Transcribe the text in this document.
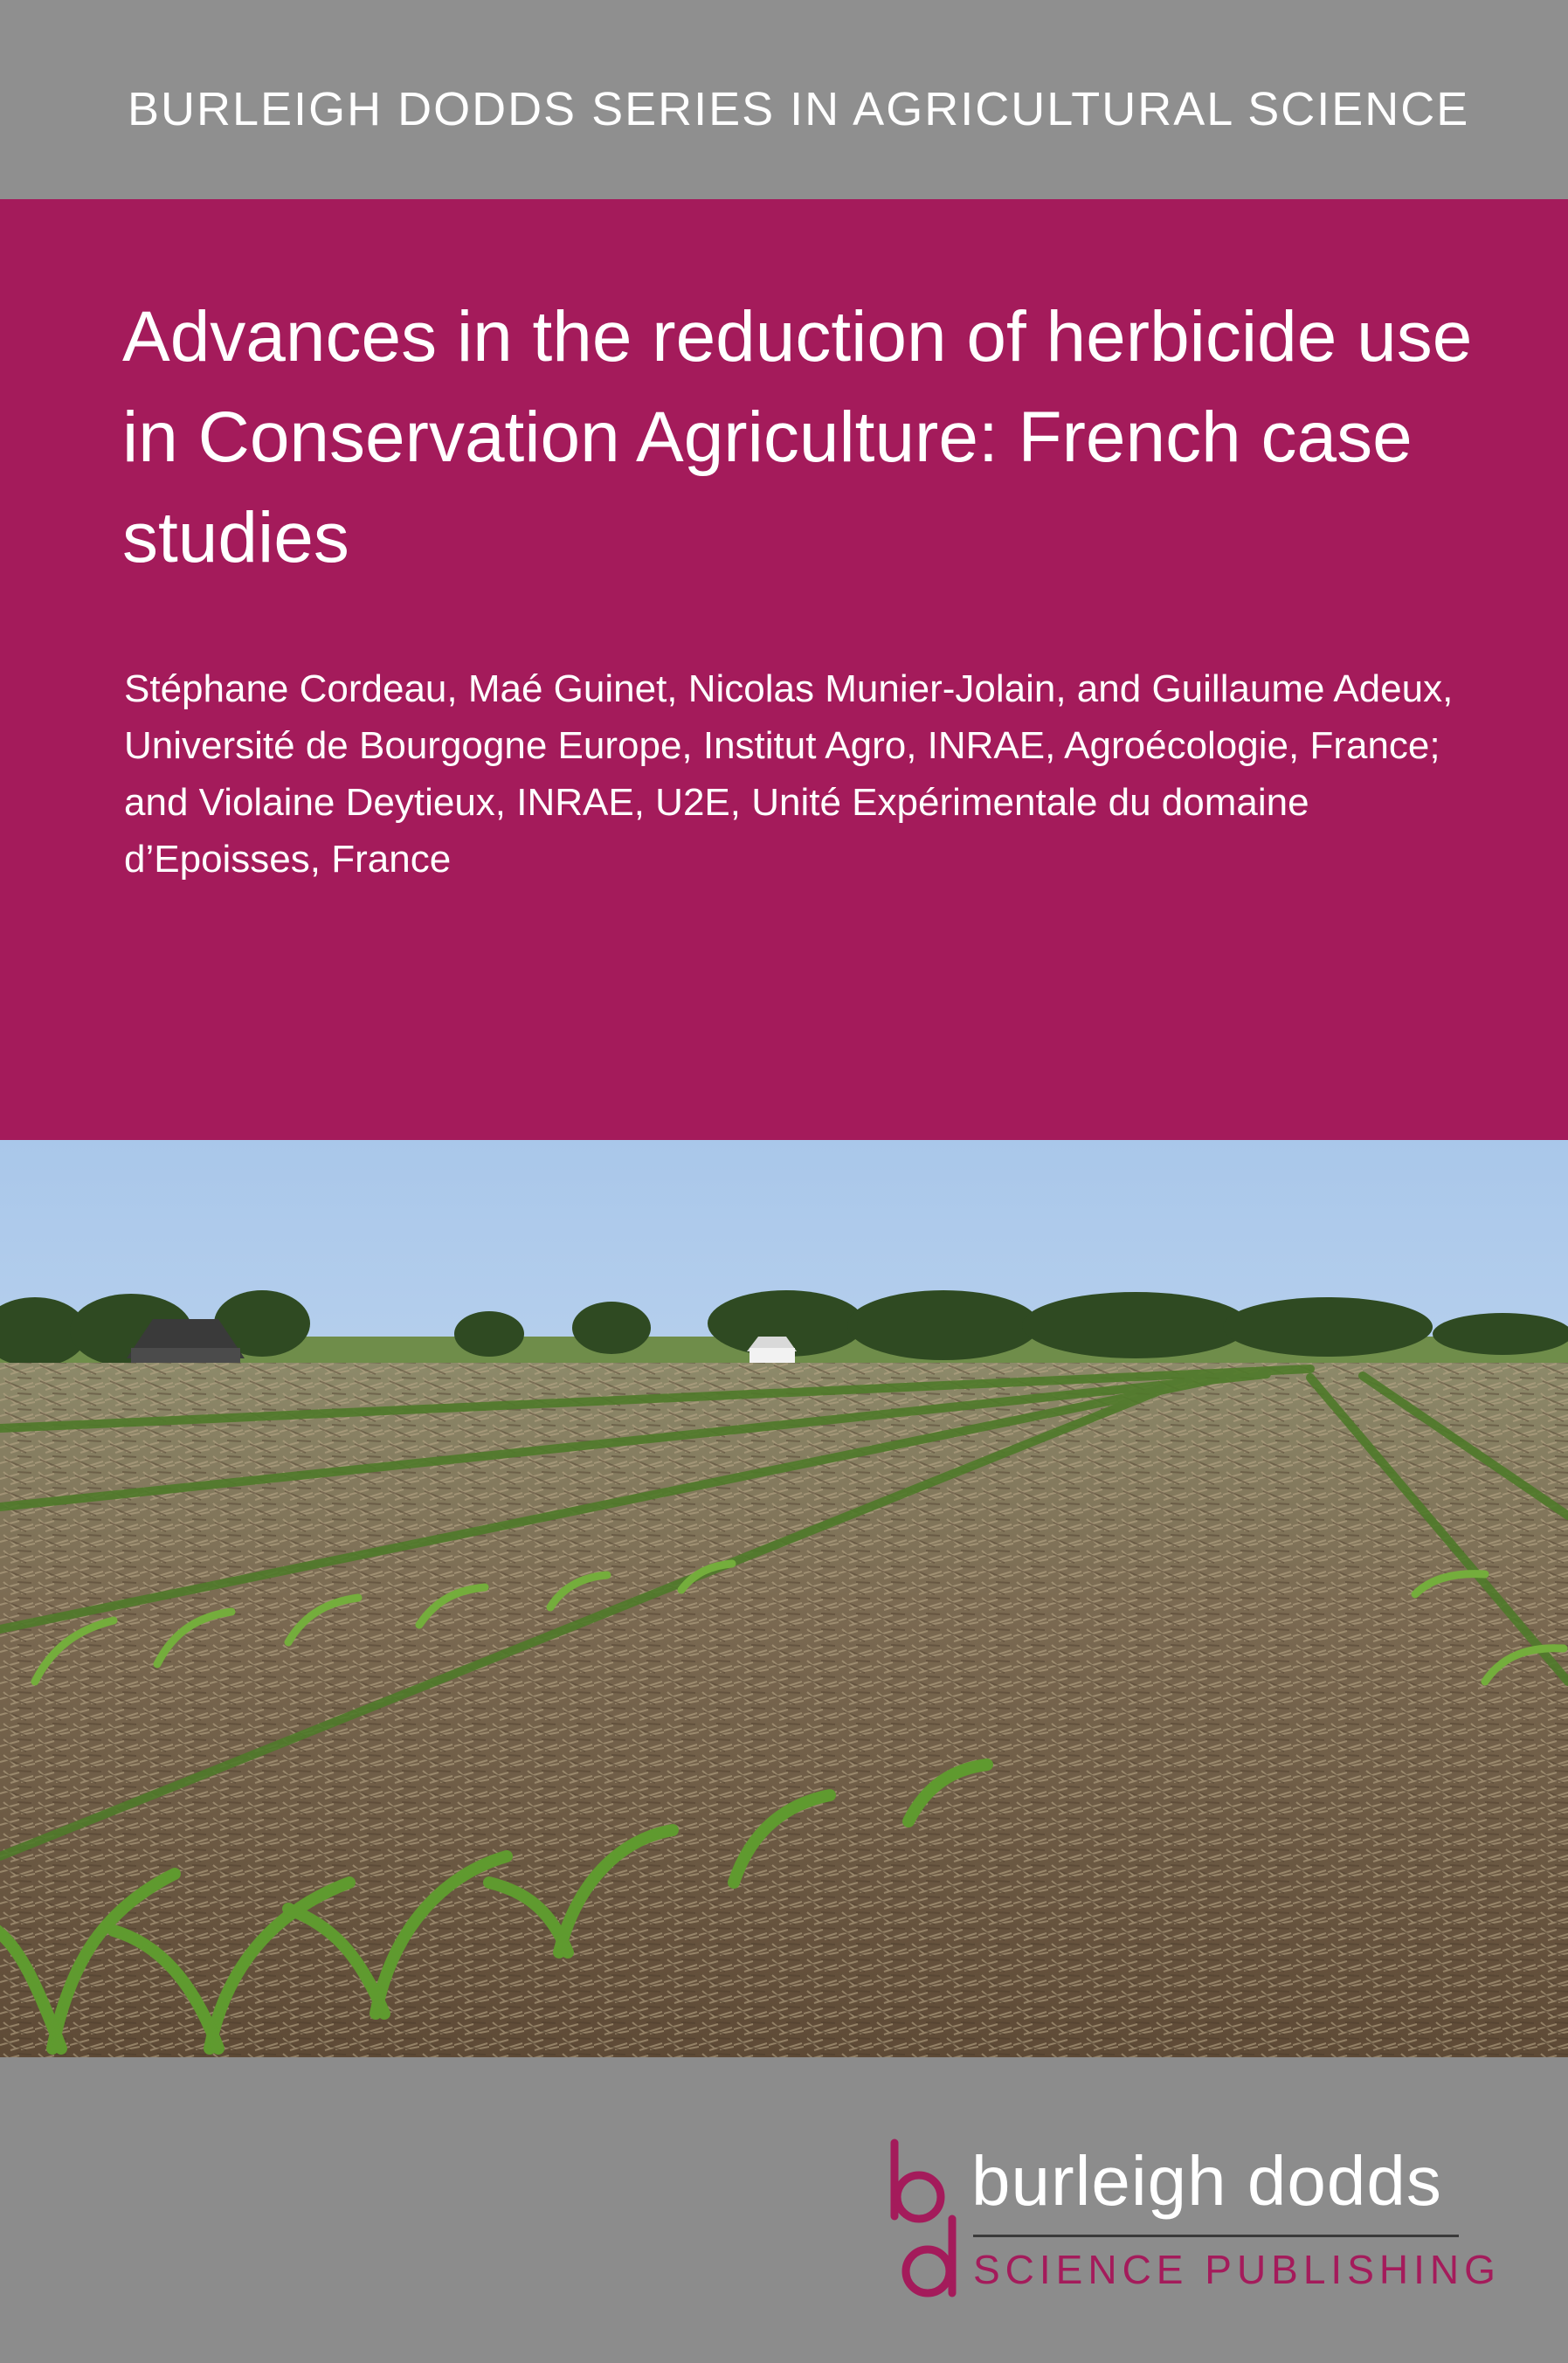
BURLEIGH DODDS SERIES IN AGRICULTURAL SCIENCE
Advances in the reduction of herbicide use in Conservation Agriculture: French case studies
Stéphane Cordeau, Maé Guinet, Nicolas Munier-Jolain, and Guillaume Adeux, Université de Bourgogne Europe, Institut Agro, INRAE, Agroécologie, France; and Violaine Deytieux, INRAE, U2E, Unité Expérimentale du domaine d’Epoisses, France
burleigh dodds
SCIENCE PUBLISHING
